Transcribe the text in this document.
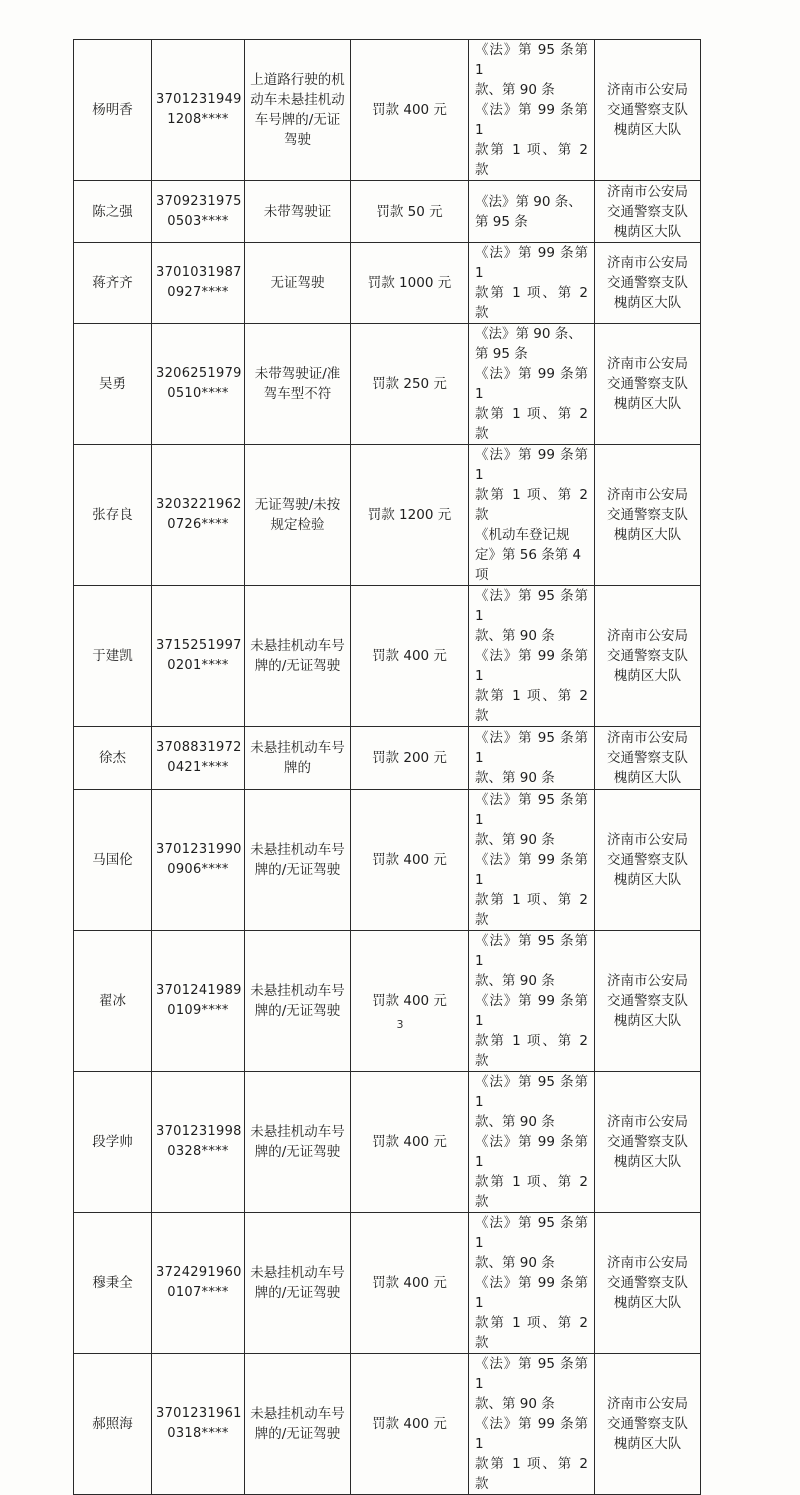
杨明香	3701231949
1208****	上道路行驶的机
动车未悬挂机动
车号牌的/无证
驾驶	罚款 400 元	《法》第 95 条第 1
款、第 90 条
《法》第 99 条第 1
款第 1 项、第 2 款	济南市公安局
交通警察支队
槐荫区大队

陈之强	3709231975
0503****	未带驾驶证	罚款 50 元	《法》第 90 条、
第 95 条	济南市公安局
交通警察支队
槐荫区大队

蒋齐齐	3701031987
0927****	无证驾驶	罚款 1000 元	《法》第 99 条第 1
款第 1 项、第 2 款	济南市公安局
交通警察支队
槐荫区大队

吴勇	3206251979
0510****	未带驾驶证/准
驾车型不符	罚款 250 元	《法》第 90 条、
第 95 条
《法》第 99 条第 1
款第 1 项、第 2 款	济南市公安局
交通警察支队
槐荫区大队

张存良	3203221962
0726****	无证驾驶/未按
规定检验	罚款 1200 元	《法》第 99 条第 1
款第 1 项、第 2 款
《机动车登记规
定》第 56 条第 4
项	济南市公安局
交通警察支队
槐荫区大队

于建凯	3715251997
0201****	未悬挂机动车号
牌的/无证驾驶	罚款 400 元	《法》第 95 条第 1
款、第 90 条
《法》第 99 条第 1
款第 1 项、第 2 款	济南市公安局
交通警察支队
槐荫区大队

徐杰	3708831972
0421****	未悬挂机动车号
牌的	罚款 200 元	《法》第 95 条第 1
款、第 90 条	济南市公安局
交通警察支队
槐荫区大队

马国伦	3701231990
0906****	未悬挂机动车号
牌的/无证驾驶	罚款 400 元	《法》第 95 条第 1
款、第 90 条
《法》第 99 条第 1
款第 1 项、第 2 款	济南市公安局
交通警察支队
槐荫区大队

翟冰	3701241989
0109****	未悬挂机动车号
牌的/无证驾驶	罚款 400 元	《法》第 95 条第 1
款、第 90 条
《法》第 99 条第 1
款第 1 项、第 2 款	济南市公安局
交通警察支队
槐荫区大队

段学帅	3701231998
0328****	未悬挂机动车号
牌的/无证驾驶	罚款 400 元	《法》第 95 条第 1
款、第 90 条
《法》第 99 条第 1
款第 1 项、第 2 款	济南市公安局
交通警察支队
槐荫区大队

穆秉全	3724291960
0107****	未悬挂机动车号
牌的/无证驾驶	罚款 400 元	《法》第 95 条第 1
款、第 90 条
《法》第 99 条第 1
款第 1 项、第 2 款	济南市公安局
交通警察支队
槐荫区大队

郝照海	3701231961
0318****	未悬挂机动车号
牌的/无证驾驶	罚款 400 元	《法》第 95 条第 1
款、第 90 条
《法》第 99 条第 1
款第 1 项、第 2 款	济南市公安局
交通警察支队
槐荫区大队
3
